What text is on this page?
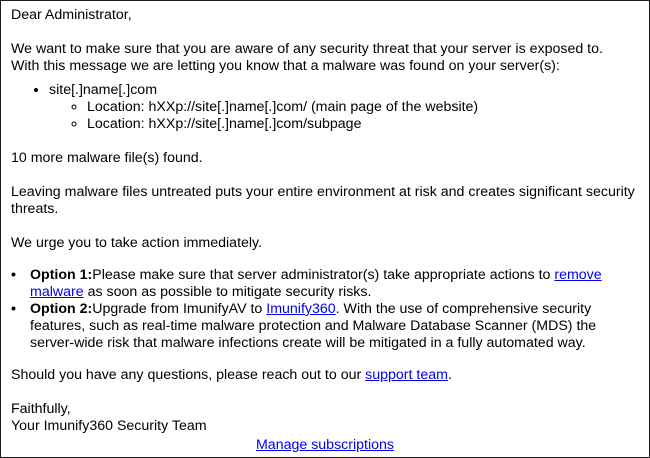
Dear Administrator,

We want to make sure that you are aware of any security threat that your server is exposed to.

With this message we are letting you know that a malware was found on your server(s):

• site[.]name[.]com
◦ Location: hXXp://site[.]name[.]com/ (main page of the website)
◦ Location: hXXp://site[.]name[.]com/subpage

10 more malware file(s) found.

Leaving malware files untreated puts your entire environment at risk and creates significant security threats.

We urge you to take action immediately.

• Option 1:Please make sure that server administrator(s) take appropriate actions to remove malware as soon as possible to mitigate security risks.
• Option 2:Upgrade from ImunifyAV to Imunify360. With the use of comprehensive security features, such as real-time malware protection and Malware Database Scanner (MDS) the server-wide risk that malware infections create will be mitigated in a fully automated way.

Should you have any questions, please reach out to our support team.

Faithfully,

Your Imunify360 Security Team

Manage subscriptions
